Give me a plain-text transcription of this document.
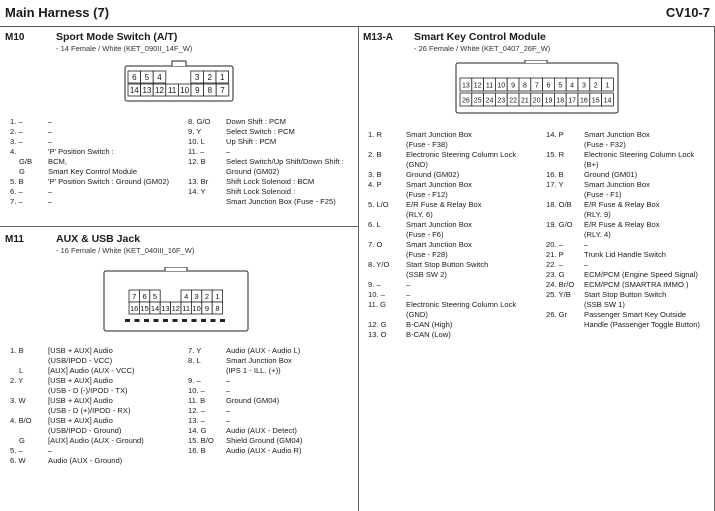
Main Harness (7)	CV10-7
M10	Sport Mode Switch (A/T)
- 14 Female / White (KET_090II_14F_W)
6 5 4	3 2 1
14 13 12 11 10 9 8 7
1. –	–
2. –	–
3. –	–
4.	'P' Position Switch :
G/B	BCM,
G	Smart Key Control Module
5. B	'P' Position Switch : Ground (GM02)
6. –	–
7. –	–
8. G/O	Down Shift : PCM
9. Y	Select Switch : PCM
10. L	Up Shift : PCM
11. –	–
12. B	Select Switch/Up Shift/Down Shift :
Ground (GM02)
13. Br	Shift Lock Solenoid : BCM
14. Y	Shift Lock Solenoid :
Smart Junction Box (Fuse - F25)
M11	AUX & USB Jack
- 16 Female / White (KET_040III_16F_W)
7 6 5	4 3 2 1
16 15 14 13 12 11 10 9 8
1. B	[USB + AUX] Audio
(USB/IPOD - VCC)
L	[AUX] Audio (AUX - VCC)
2. Y	[USB + AUX] Audio
(USB - D (-)/IPOD - TX)
3. W	[USB + AUX] Audio
(USB - D (+)/IPOD - RX)
4. B/O	[USB + AUX] Audio
(USB/IPOD - Ground)
G	[AUX] Audio (AUX - Ground)
5. –	–
6. W	Audio (AUX - Ground)
7. Y	Audio (AUX - Audio L)
8. L	Smart Junction Box
(IPS 1 - ILL. (+))
9. –	–
10. –	–
11. B	Ground (GM04)
12. –	–
13. –	–
14. G	Audio (AUX - Detect)
15. B/O	Shield Ground (GM04)
16. B	Audio (AUX - Audio R)
M13-A Smart Key Control Module
- 26 Female / White (KET_0407_26F_W)
13 12 11 10 9 8 7 6 5 4 3 2 1
26 25 24 23 22 21 20 19 18 17 16 15 14
1. R	Smart Junction Box
(Fuse - F38)
2. B	Electronic Steering Column Lock
(GND)
3. B	Ground (GM02)
4. P	Smart Junction Box
(Fuse - F12)
5. L/O	E/R Fuse & Relay Box
(RLY. 6)
6. L	Smart Junction Box
(Fuse - F6)
7. O	Smart Junction Box
(Fuse - F28)
8. Y/O	Start Stop Button Switch
(SSB SW 2)
9. –	–
10. –	–
11. G	Electronic Steering Column Lock
(GND)
12. G	B-CAN (High)
13. O	B-CAN (Low)
14. P	Smart Junction Box
(Fuse - F32)
15. R	Electronic Steering Column Lock
(B+)
16. B	Ground (GM01)
17. Y	Smart Junction Box
(Fuse - F1)
18. O/B	E/R Fuse & Relay Box
(RLY. 9)
19. G/O	E/R Fuse & Relay Box
(RLY. 4)
20. –	–
21. P	Trunk Lid Handle Switch
22. –	–
23. G	ECM/PCM (Engine Speed Signal)
24. Br/O	ECM/PCM (SMARTRA IMMO.)
25. Y/B	Start Stop Button Switch
(SSB SW 1)
26. Gr	Passenger Smart Key Outside
Handle (Passenger Toggle Button)
